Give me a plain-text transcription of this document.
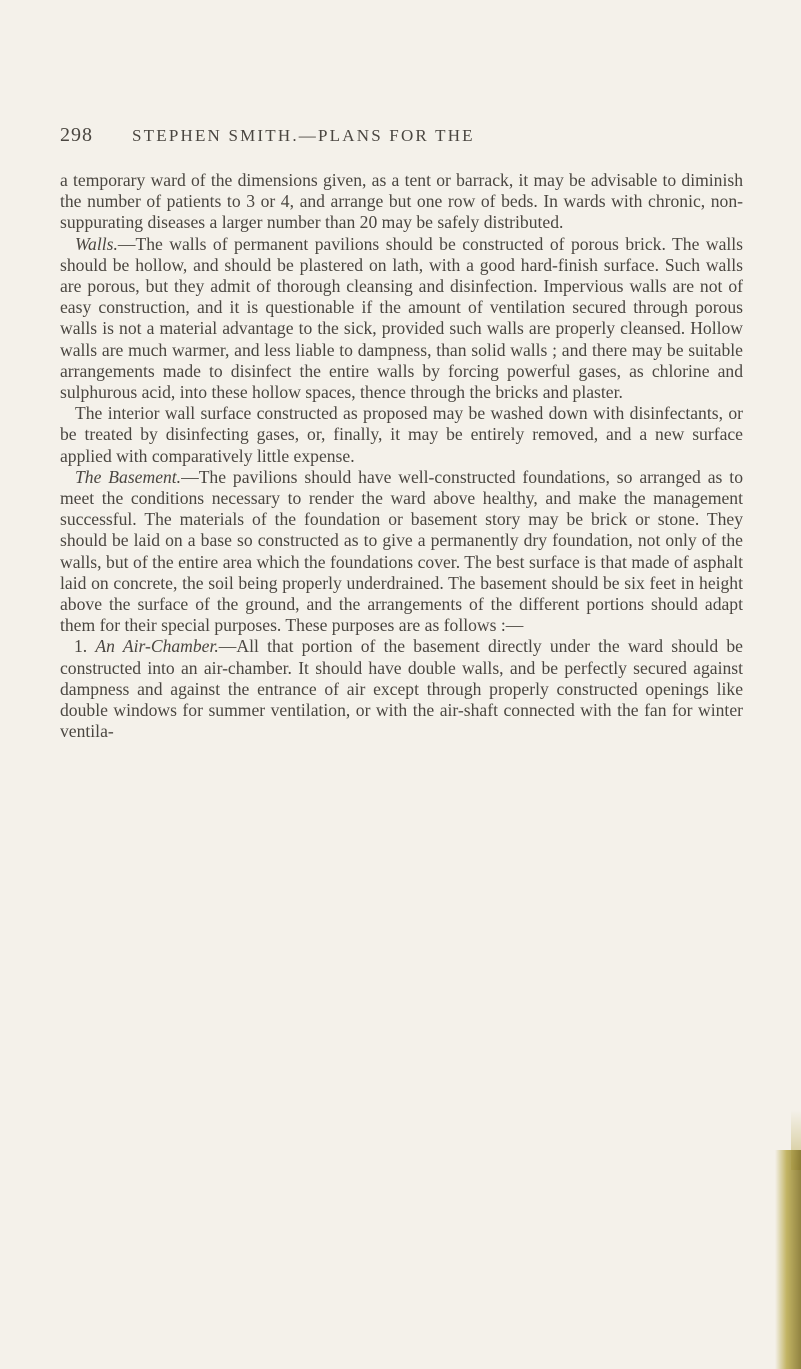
298 STEPHEN SMITH.—PLANS FOR THE

a temporary ward of the dimensions given, as a tent or barrack, it may be advisable to diminish the number of patients to 3 or 4, and arrange but one row of beds. In wards with chronic, non-suppurating diseases a larger number than 20 may be safely distributed.

Walls.—The walls of permanent pavilions should be constructed of porous brick. The walls should be hollow, and should be plastered on lath, with a good hard-finish surface. Such walls are porous, but they admit of thorough cleansing and disinfection. Impervious walls are not of easy construction, and it is questionable if the amount of ventilation secured through porous walls is not a material advantage to the sick, provided such walls are properly cleansed. Hollow walls are much warmer, and less liable to dampness, than solid walls ; and there may be suitable arrangements made to disinfect the entire walls by forcing powerful gases, as chlorine and sulphurous acid, into these hollow spaces, thence through the bricks and plaster.

The interior wall surface constructed as proposed may be washed down with disinfectants, or be treated by disinfecting gases, or, finally, it may be entirely removed, and a new surface applied with comparatively little expense.

The Basement.—The pavilions should have well-constructed foundations, so arranged as to meet the conditions necessary to render the ward above healthy, and make the management successful. The materials of the foundation or basement story may be brick or stone. They should be laid on a base so constructed as to give a permanently dry foundation, not only of the walls, but of the entire area which the foundations cover. The best surface is that made of asphalt laid on concrete, the soil being properly underdrained. The basement should be six feet in height above the surface of the ground, and the arrangements of the different portions should adapt them for their special purposes. These purposes are as follows :—

1. An Air-Chamber.—All that portion of the basement directly under the ward should be constructed into an air-chamber. It should have double walls, and be perfectly secured against dampness and against the entrance of air except through properly constructed openings like double windows for summer ventilation, or with the air-shaft connected with the fan for winter ventila-
